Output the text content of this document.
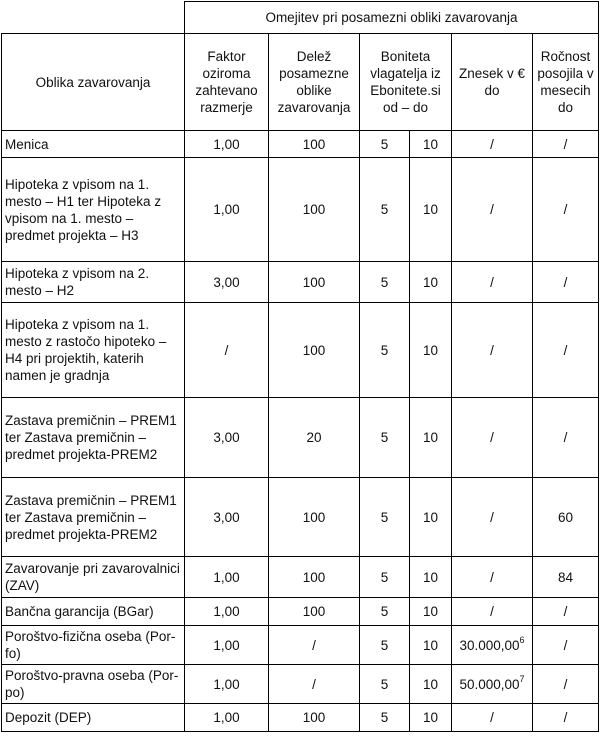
	Omejitev pri posamezni obliki zavarovanja					
Oblika zavarovanja	Faktor oziroma zahtevano razmerje	Delež posamezne oblike zavarovanja	Boniteta vlagatelja iz Ebonitete.si od – do		Znesek v € do	Ročnost posojila v mesecih do
Menica	1,00	100	5	10	/	/
Hipoteka z vpisom na 1. mesto – H1 ter Hipoteka z vpisom na 1. mesto – predmet projekta – H3	1,00	100	5	10	/	/
Hipoteka z vpisom na 2. mesto – H2	3,00	100	5	10	/	/
Hipoteka z vpisom na 1. mesto z rastočo hipoteko – H4 pri projektih, katerih namen je gradnja	/	100	5	10	/	/
Zastava premičnin – PREM1 ter Zastava premičnin – predmet projekta-PREM2	3,00	20	5	10	/	/
Zastava premičnin – PREM1 ter Zastava premičnin – predmet projekta-PREM2	3,00	100	5	10	/	60
Zavarovanje pri zavarovalnici (ZAV)	1,00	100	5	10	/	84
Bančna garancija (BGar)	1,00	100	5	10	/	/
Poroštvo-fizična oseba (Por-fo)	1,00	/	5	10	30.000,00$^6$	/
Poroštvo-pravna oseba (Por-po)	1,00	/	5	10	50.000,00$^7$	/
Depozit (DEP)	1,00	100	5	10	/	/
